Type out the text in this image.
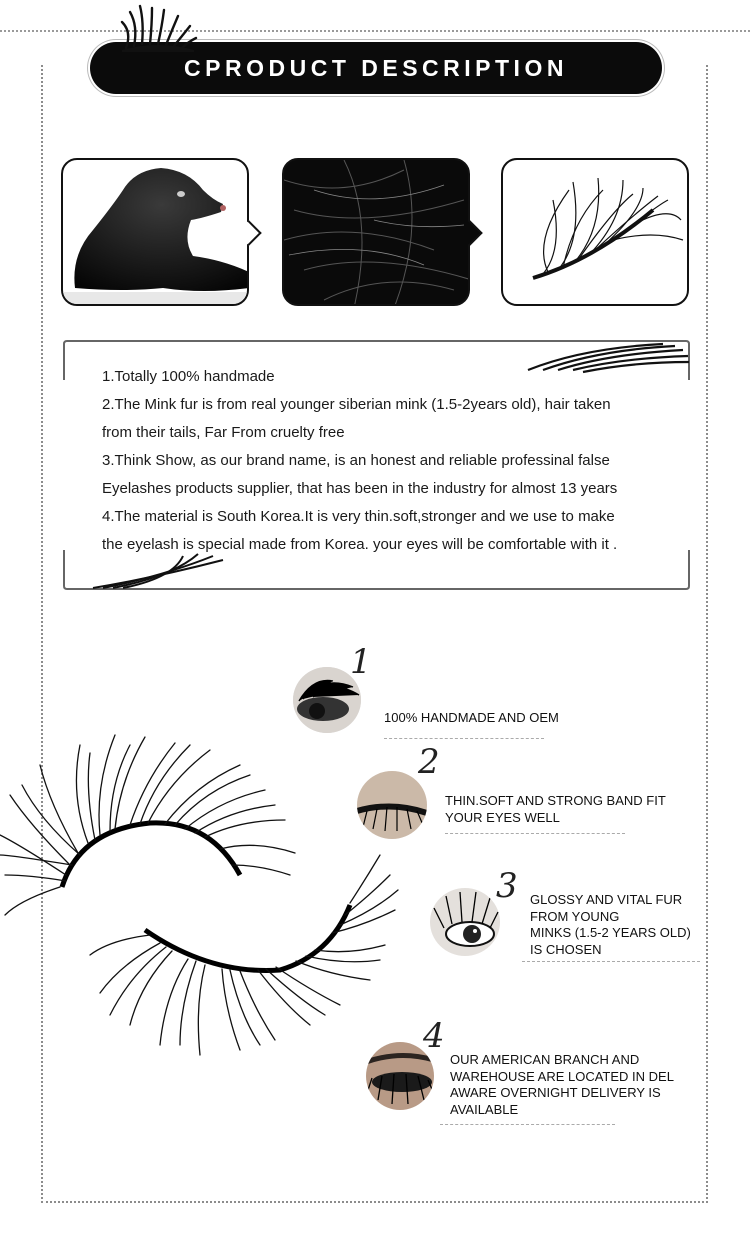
CPRODUCT DESCRIPTION
1.Totally 100% handmade
2.The Mink fur is from real younger siberian mink (1.5-2years old), hair taken
from their tails, Far From cruelty free
3.Think Show, as our brand name, is an honest and reliable professinal false
Eyelashes products supplier, that has been in the industry for almost 13 years
4.The material is South Korea.It is very thin.soft,stronger and we use to make
the eyelash is special made from Korea. your eyes will be comfortable with it .
1
100% HANDMADE AND OEM
2
THIN.SOFT AND STRONG BAND FIT
YOUR EYES WELL
3 GLOSSY AND VITAL FUR
FROM YOUNG
MINKS (1.5-2 YEARS OLD)
IS CHOSEN
4
OUR AMERICAN BRANCH AND
WAREHOUSE ARE LOCATED IN DEL
AWARE OVERNIGHT DELIVERY IS
AVAILABLE
